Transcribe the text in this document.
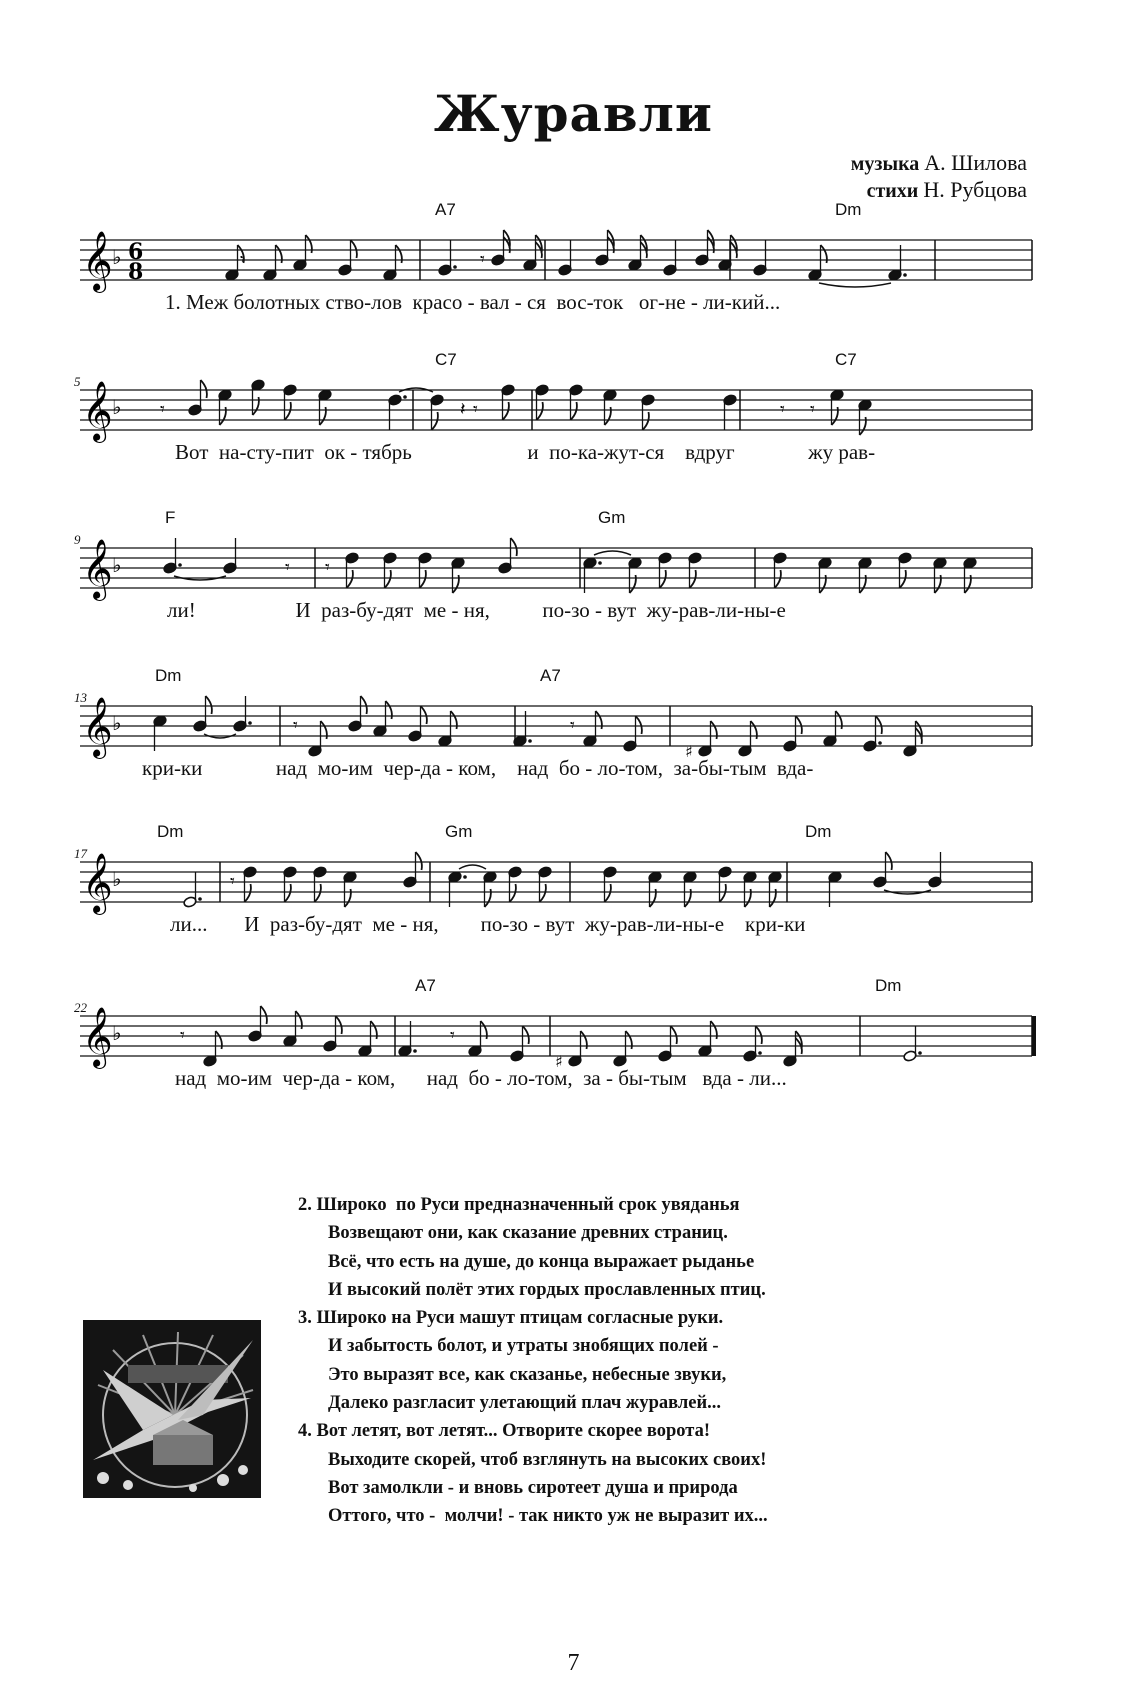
Журавли
музыка А. Шилова
стихи Н. Рубцова
𝄞 ♭ 6
8	𝄾	𝄾
A7	Dm
1. Меж болотных ство-лов  красо - вал - ся  вос-ток   ог-не - ли-кий...
𝄞 ♭ 𝄾	𝄽 𝄾	𝄾 𝄾
5
C7	C7
Вот  на-сту-пит  ок - тябрь                      и  по-ка-жут-ся    вдруг              жу рав-
𝄞 ♭	𝄾 𝄾
9
F	Gm
ли!                   И  раз-бу-дят  ме - ня,          по-зо - вут  жу-рав-ли-ны-е
𝄞 ♭	𝄾	𝄾
♯
13
Dm	A7
кри-ки              над  мо-им  чер-да - ком,    над  бо - ло-том,  за-бы-тым  вда-
𝄞 ♭	𝄾
17
Dm	Gm	Dm
ли...       И  раз-бу-дят  ме - ня,        по-зо - вут  жу-рав-ли-ны-е    кри-ки
𝄞 ♭	𝄾	𝄾
♯
22
A7	Dm
над  мо-им  чер-да - ком,      над  бо - ло-том,  за - бы-тым   вда - ли...
2. Широко  по Руси предназначенный срок увяданья
Возвещают они, как сказание древних страниц.
Всё, что есть на душе, до конца выражает рыданье
И высокий полёт этих гордых прославленных птиц.
3. Широко на Руси машут птицам согласные руки.
И забытость болот, и утраты знобящих полей -
Это выразят все, как сказанье, небесные звуки,
Далеко разгласит улетающий плач журавлей...
4. Вот летят, вот летят... Отворите скорее ворота!
Выходите скорей, чтоб взглянуть на высоких своих!
Вот замолкли - и вновь сиротеет душа и природа
Оттого, что -  молчи! - так никто уж не выразит их...
7
